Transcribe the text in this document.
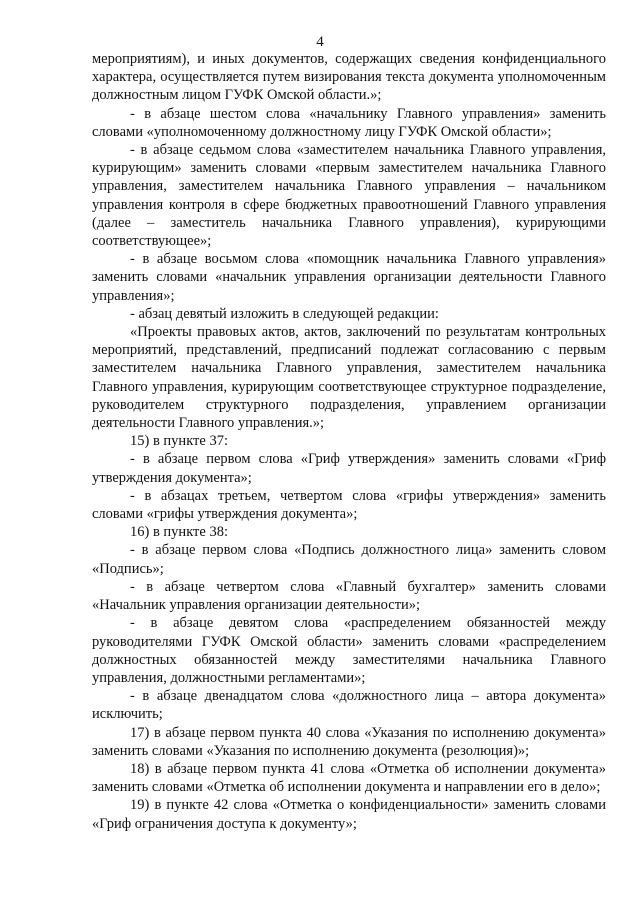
4

мероприятиям), и иных документов, содержащих сведения конфиденциального характера, осуществляется путем визирования текста документа уполномоченным должностным лицом ГУФК Омской области.»;

- в абзаце шестом слова «начальнику Главного управления» заменить словами «уполномоченному должностному лицу ГУФК Омской области»;

- в абзаце седьмом слова «заместителем начальника Главного управления, курирующим» заменить словами «первым заместителем начальника Главного управления, заместителем начальника Главного управления – начальником управления контроля в сфере бюджетных правоотношений Главного управления (далее – заместитель начальника Главного управления), курирующими соответствующее»;

- в абзаце восьмом слова «помощник начальника Главного управления» заменить словами «начальник управления организации деятельности Главного управления»;

- абзац девятый изложить в следующей редакции:

«Проекты правовых актов, актов, заключений по результатам контрольных мероприятий, представлений, предписаний подлежат согласованию с первым заместителем начальника Главного управления, заместителем начальника Главного управления, курирующим соответствующее структурное подразделение, руководителем структурного подразделения, управлением организации деятельности Главного управления.»;

15) в пункте 37:

- в абзаце первом слова «Гриф утверждения» заменить словами «Гриф утверждения документа»;

- в абзацах третьем, четвертом слова «грифы утверждения» заменить словами «грифы утверждения документа»;

16) в пункте 38:

- в абзаце первом слова «Подпись должностного лица» заменить словом «Подпись»;

- в абзаце четвертом слова «Главный бухгалтер» заменить словами «Начальник управления организации деятельности»;

- в абзаце девятом слова «распределением обязанностей между руководителями ГУФК Омской области» заменить словами «распределением должностных обязанностей между заместителями начальника Главного управления, должностными регламентами»;

- в абзаце двенадцатом слова «должностного лица – автора документа» исключить;

17) в абзаце первом пункта 40 слова «Указания по исполнению документа» заменить словами «Указания по исполнению документа (резолюция)»;

18) в абзаце первом пункта 41 слова «Отметка об исполнении документа» заменить словами «Отметка об исполнении документа и направлении его в дело»;

19) в пункте 42 слова «Отметка о конфиденциальности» заменить словами «Гриф ограничения доступа к документу»;
